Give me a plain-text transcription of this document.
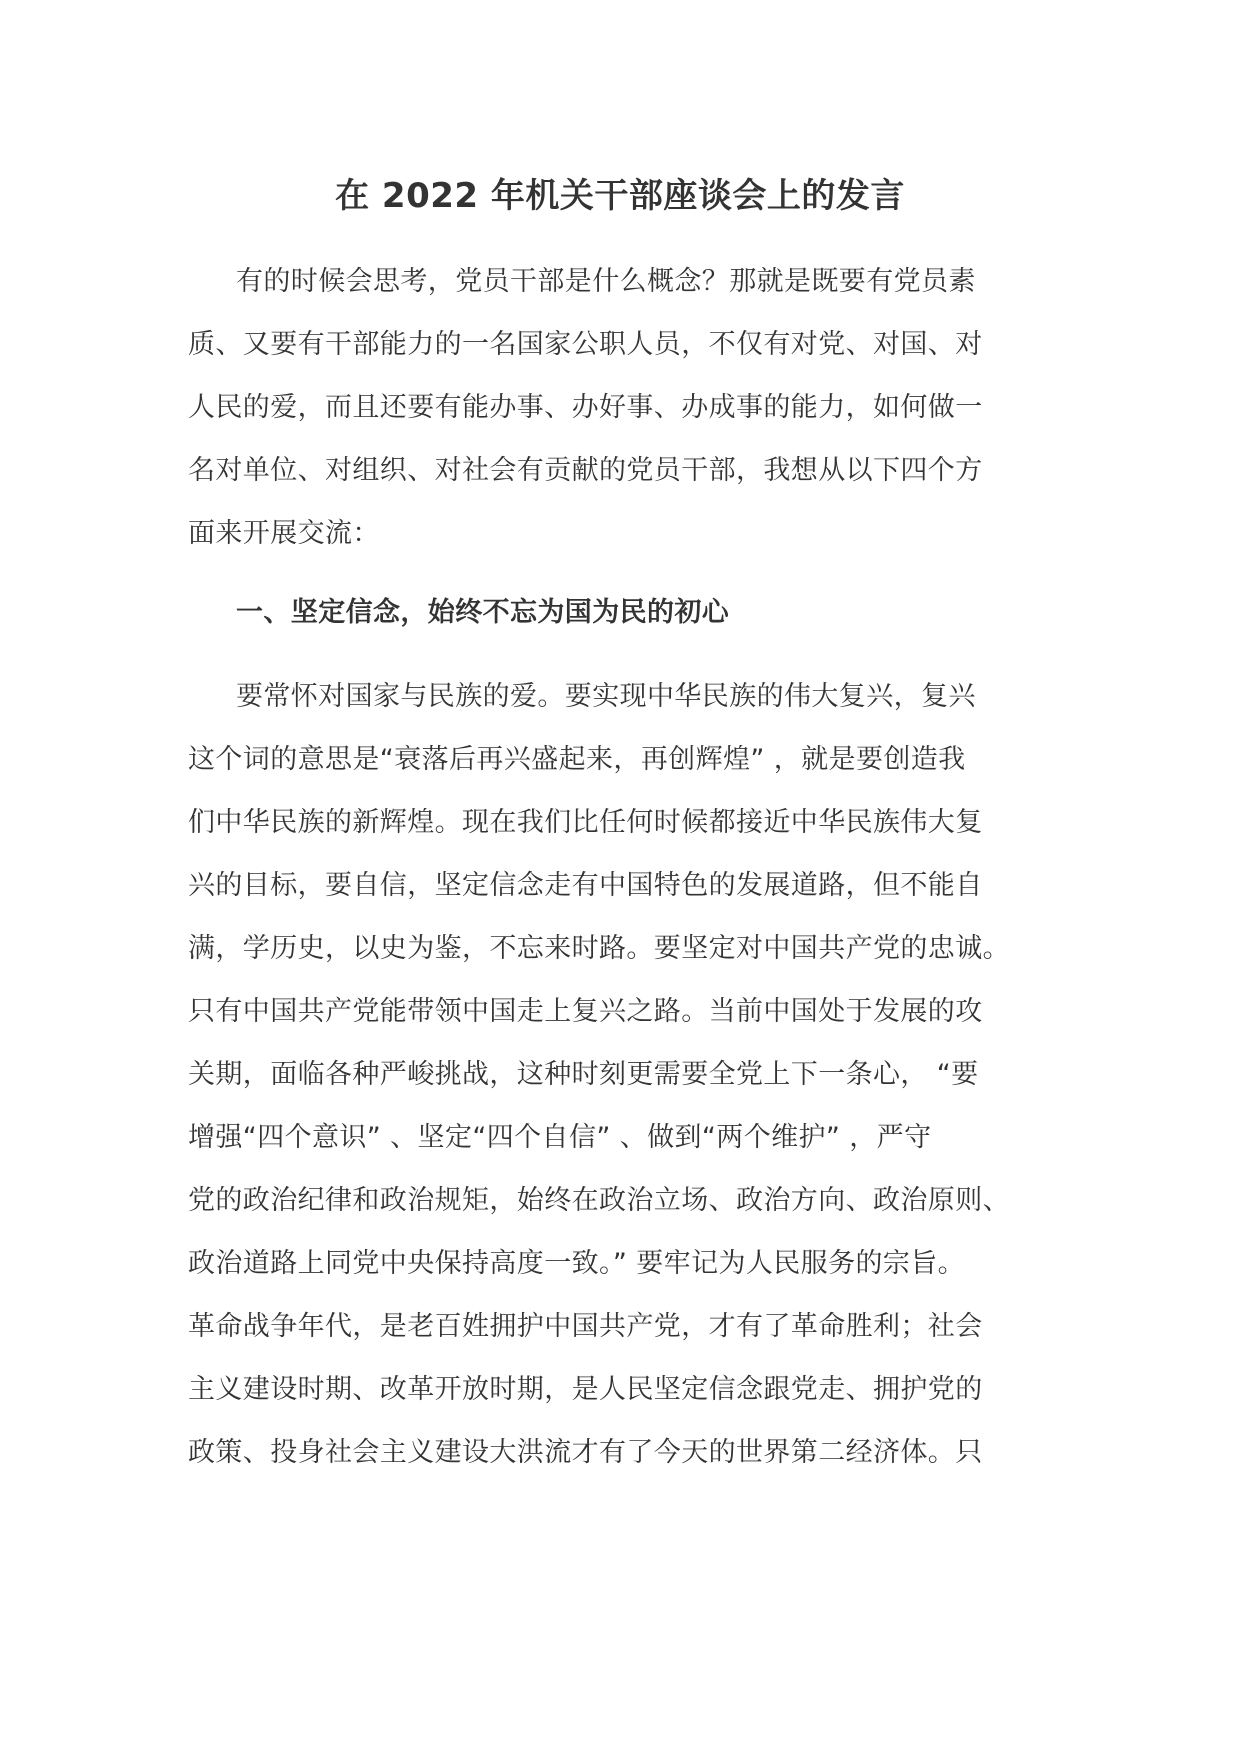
在 2022 年机关干部座谈会上的发言

有的时候会思考，党员干部是什么概念？那就是既要有党员素

质、又要有干部能力的一名国家公职人员，不仅有对党、对国、对

人民的爱，而且还要有能办事、办好事、办成事的能力，如何做一

名对单位、对组织、对社会有贡献的党员干部，我想从以下四个方

面来开展交流：

一、坚定信念，始终不忘为国为民的初心

要常怀对国家与民族的爱。要实现中华民族的伟大复兴，复兴

这个词的意思是“衰落后再兴盛起来，再创辉煌” ，就是要创造我

们中华民族的新辉煌。现在我们比任何时候都接近中华民族伟大复

兴的目标，要自信，坚定信念走有中国特色的发展道路，但不能自

满，学历史，以史为鉴，不忘来时路。要坚定对中国共产党的忠诚。

只有中国共产党能带领中国走上复兴之路。当前中国处于发展的攻

关期，面临各种严峻挑战，这种时刻更需要全党上下一条心， “要

增强“四个意识” 、坚定“四个自信” 、做到“两个维护” ，严守

党的政治纪律和政治规矩，始终在政治立场、政治方向、政治原则、

政治道路上同党中央保持高度一致。” 要牢记为人民服务的宗旨。

革命战争年代，是老百姓拥护中国共产党，才有了革命胜利；社会

主义建设时期、改革开放时期，是人民坚定信念跟党走、拥护党的

政策、投身社会主义建设大洪流才有了今天的世界第二经济体。只
